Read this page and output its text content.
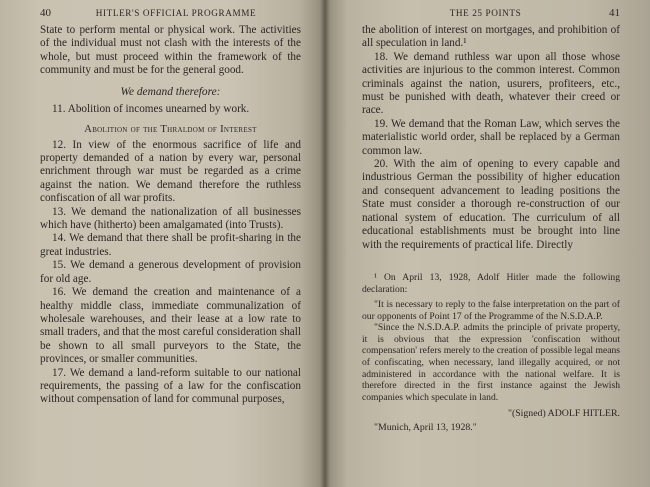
40	HITLER'S OFFICIAL PROGRAMME

State to perform mental or physical work. The activities of the individual must not clash with the interests of the whole, but must proceed within the framework of the community and must be for the general good.

We demand therefore:

11. Abolition of incomes unearned by work.

Abolition of the Thraldom of Interest

12. In view of the enormous sacrifice of life and property demanded of a nation by every war, personal enrichment through war must be regarded as a crime against the nation. We demand therefore the ruthless confiscation of all war profits.

13. We demand the nationalization of all businesses which have (hitherto) been amalgamated (into Trusts).

14. We demand that there shall be profit-sharing in the great industries.

15. We demand a generous development of provision for old age.

16. We demand the creation and maintenance of a healthy middle class, immediate communalization of wholesale warehouses, and their lease at a low rate to small traders, and that the most careful consideration shall be shown to all small purveyors to the State, the provinces, or smaller communities.

17. We demand a land-reform suitable to our national requirements, the passing of a law for the confiscation without compensation of land for communal purposes,

THE 25 POINTS	41

the abolition of interest on mortgages, and prohibition of all speculation in land.¹

18. We demand ruthless war upon all those whose activities are injurious to the common interest. Common criminals against the nation, usurers, profiteers, etc., must be punished with death, whatever their creed or race.

19. We demand that the Roman Law, which serves the materialistic world order, shall be replaced by a German common law.

20. With the aim of opening to every capable and industrious German the possibility of higher education and consequent advancement to leading positions the State must consider a thorough re-construction of our national system of education. The curriculum of all educational establishments must be brought into line with the requirements of practical life. Directly

¹ On April 13, 1928, Adolf Hitler made the following declaration:

"It is necessary to reply to the false interpretation on the part of our opponents of Point 17 of the Programme of the N.S.D.A.P.

"Since the N.S.D.A.P. admits the principle of private property, it is obvious that the expression 'confiscation without compensation' refers merely to the creation of possible legal means of confiscating, when necessary, land illegally acquired, or not administered in accordance with the national welfare. It is therefore directed in the first instance against the Jewish companies which speculate in land.

"(Signed) ADOLF HITLER.

"Munich, April 13, 1928."
